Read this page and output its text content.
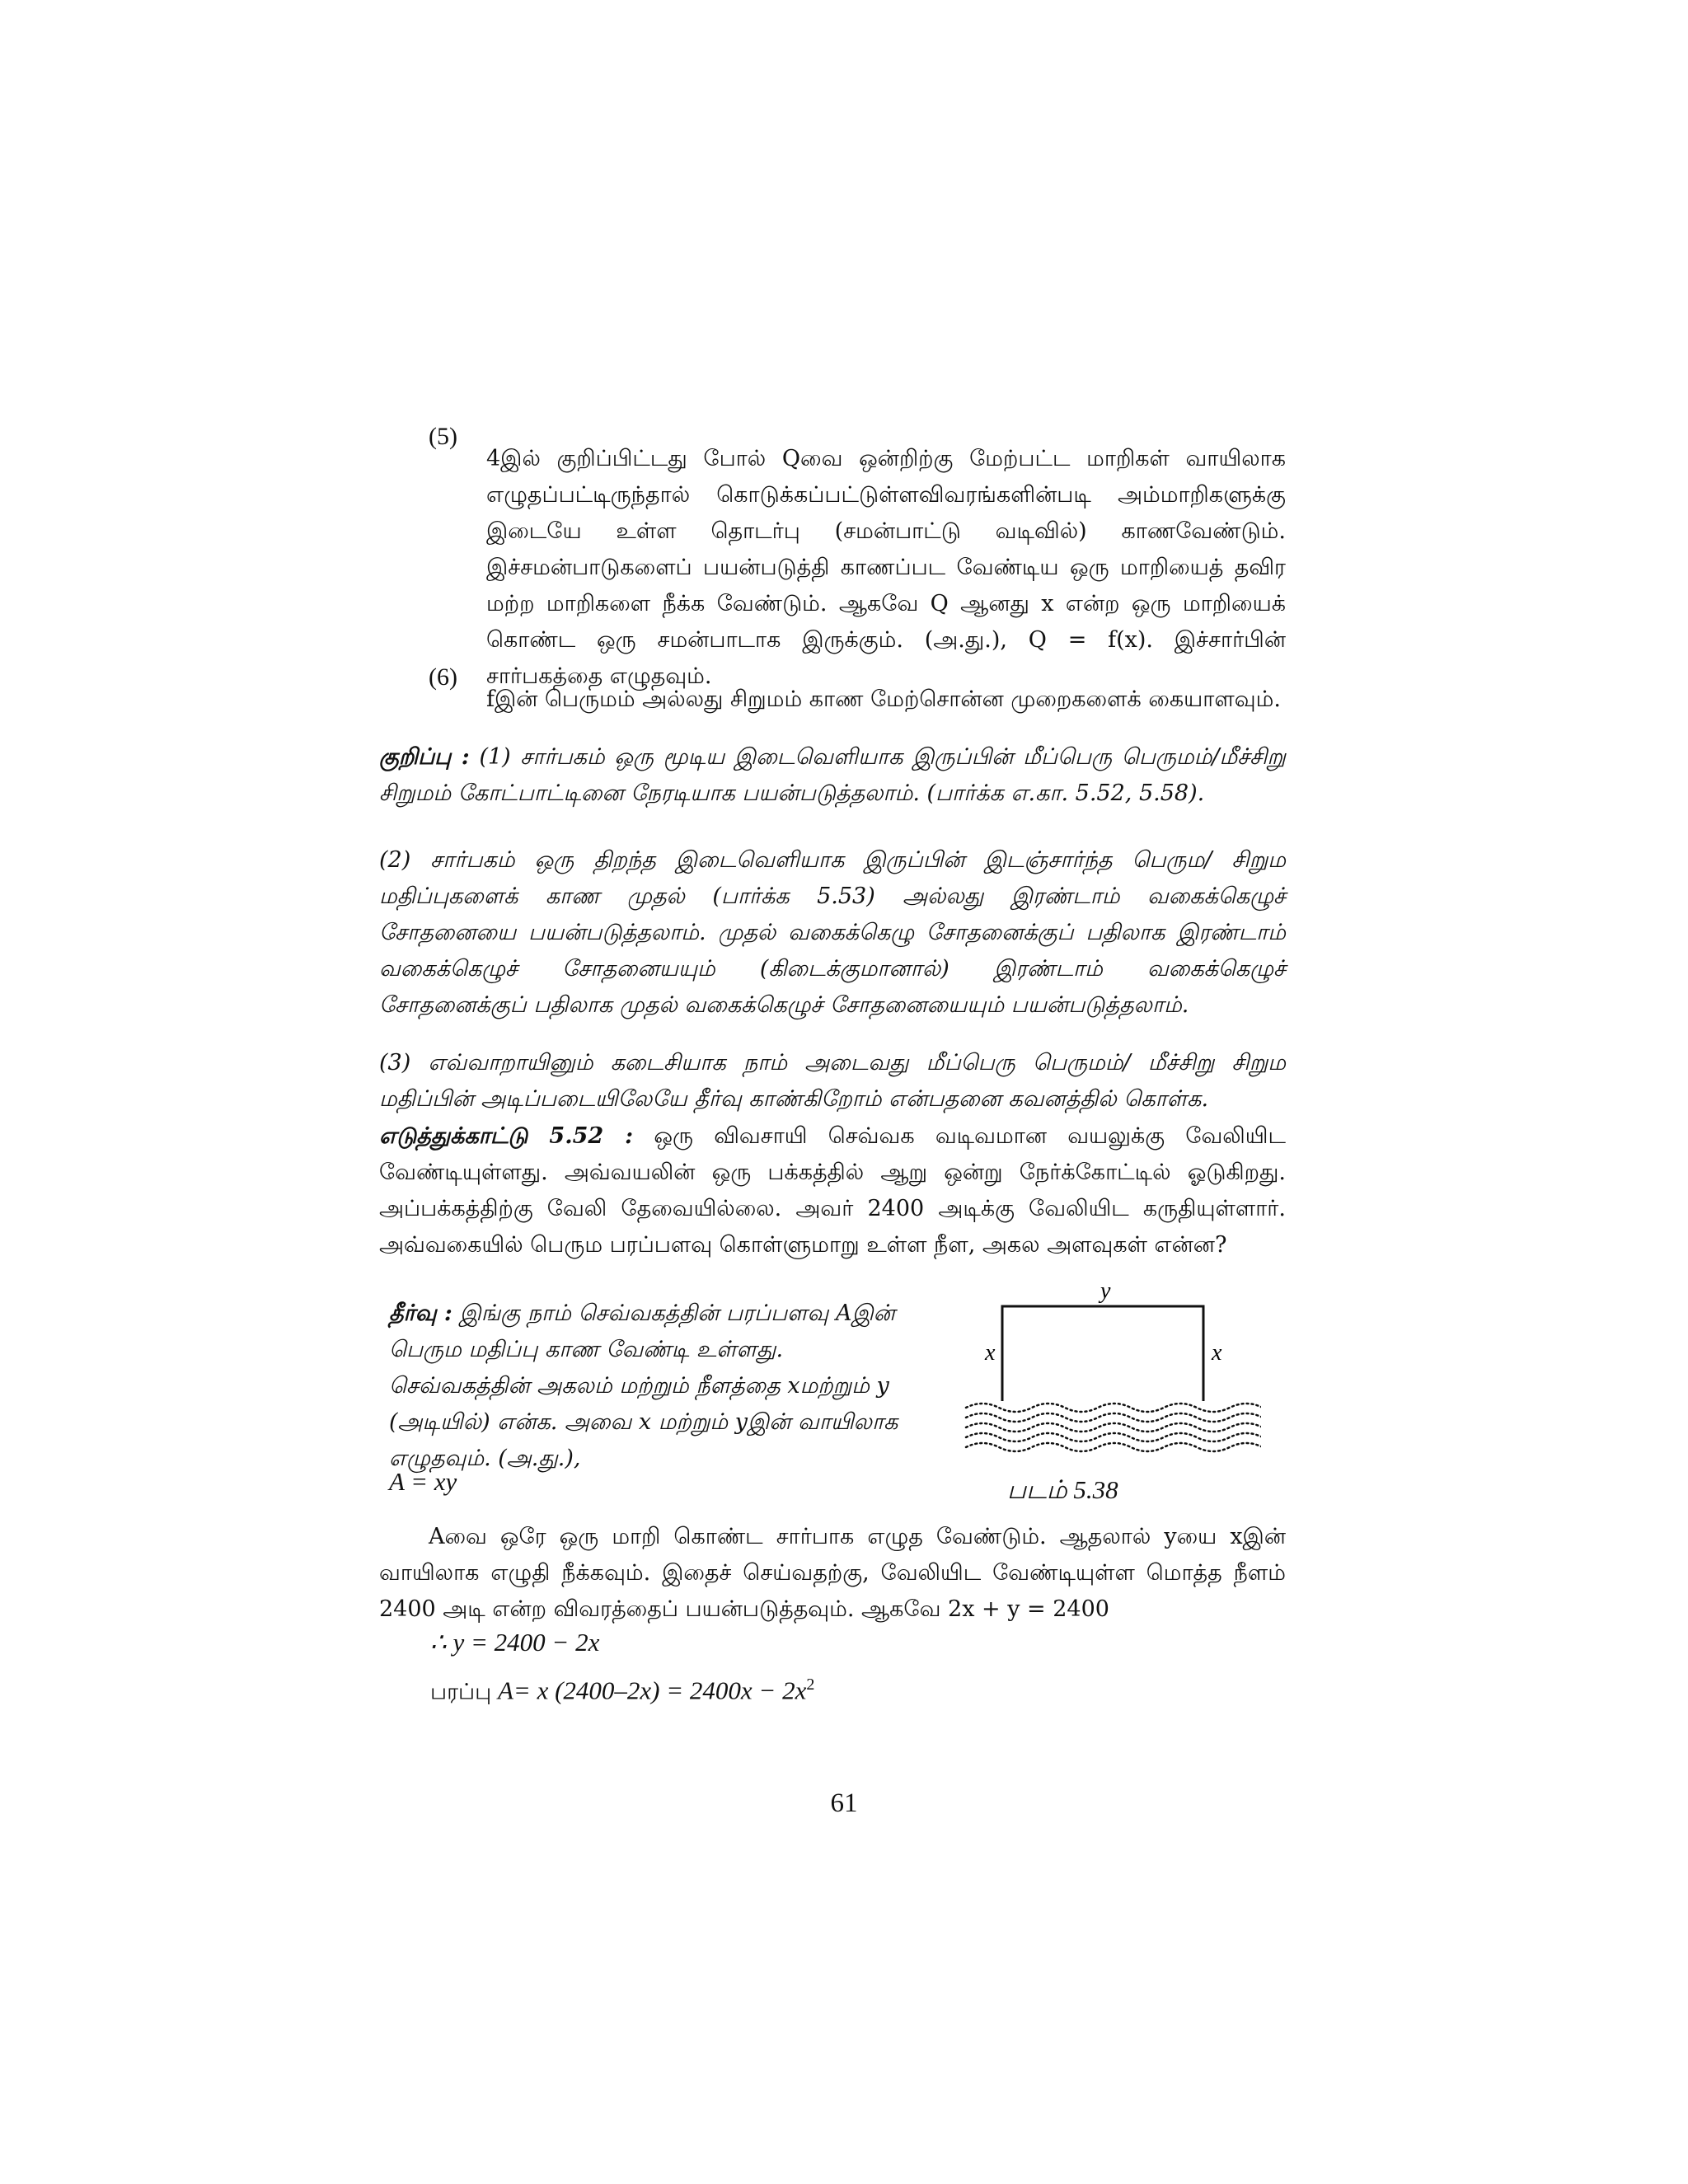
(5)

4இல் குறிப்பிட்டது போல் Qவை ஒன்றிற்கு மேற்பட்ட மாறிகள் வாயிலாக எழுதப்பட்டிருந்தால் கொடுக்கப்பட்டுள்ளவிவரங்களின்படி அம்மாறிகளுக்கு இடையே உள்ள தொடர்பு (சமன்பாட்டு வடிவில்) காணவேண்டும். இச்சமன்பாடுகளைப் பயன்படுத்தி காணப்பட வேண்டிய ஒரு மாறியைத் தவிர மற்ற மாறிகளை நீக்க வேண்டும். ஆகவே Q ஆனது x என்ற ஒரு மாறியைக் கொண்ட ஒரு சமன்பாடாக இருக்கும். (அ.து.), Q = f(x). இச்சார்பின் சார்பகத்தை எழுதவும்.

(6)

fஇன் பெருமம் அல்லது சிறுமம் காண மேற்சொன்ன முறைகளைக் கையாளவும்.

குறிப்பு : (1) சார்பகம் ஒரு மூடிய இடைவெளியாக இருப்பின் மீப்பெரு பெருமம்/மீச்சிறு சிறுமம் கோட்பாட்டினை நேரடியாக பயன்படுத்தலாம். (பார்க்க எ.கா. 5.52, 5.58).

(2) சார்பகம் ஒரு திறந்த இடைவெளியாக இருப்பின் இடஞ்சார்ந்த பெரும/ சிறும மதிப்புகளைக் காண முதல் (பார்க்க 5.53) அல்லது இரண்டாம் வகைக்கெழுச் சோதனையை பயன்படுத்தலாம். முதல் வகைக்கெழு சோதனைக்குப் பதிலாக இரண்டாம் வகைக்கெழுச் சோதனையயும் (கிடைக்குமானால்) இரண்டாம் வகைக்கெழுச் சோதனைக்குப் பதிலாக முதல் வகைக்கெழுச் சோதனையையும் பயன்படுத்தலாம்.

(3) எவ்வாறாயினும் கடைசியாக நாம் அடைவது மீப்பெரு பெருமம்/ மீச்சிறு சிறும மதிப்பின் அடிப்படையிலேயே தீர்வு காண்கிறோம் என்பதனை கவனத்தில் கொள்க.

எடுத்துக்காட்டு 5.52 : ஒரு விவசாயி செவ்வக வடிவமான வயலுக்கு வேலியிட வேண்டியுள்ளது. அவ்வயலின் ஒரு பக்கத்தில் ஆறு ஒன்று நேர்க்கோட்டில் ஓடுகிறது. அப்பக்கத்திற்கு வேலி தேவையில்லை. அவர் 2400 அடிக்கு வேலியிட கருதியுள்ளார். அவ்வகையில் பெரும பரப்பளவு கொள்ளுமாறு உள்ள நீள, அகல அளவுகள் என்ன?
தீர்வு : இங்கு நாம் செவ்வகத்தின் பரப்பளவு Aஇன் பெரும மதிப்பு காண வேண்டி உள்ளது. செவ்வகத்தின் அகலம் மற்றும் நீளத்தை xமற்றும் y (அடியில்) என்க. அவை x மற்றும் yஇன் வாயிலாக எழுதவும். (அ.து.),
A = xy
y
x	x
படம் 5.38

Aவை ஒரே ஒரு மாறி கொண்ட சார்பாக எழுத வேண்டும். ஆதலால் yயை xஇன் வாயிலாக எழுதி நீக்கவும். இதைச் செய்வதற்கு, வேலியிட வேண்டியுள்ள மொத்த நீளம் 2400 அடி என்ற விவரத்தைப் பயன்படுத்தவும். ஆகவே 2x + y = 2400

∴ y = 2400 − 2x
பரப்பு A= x $(2400-2x) = 2400x - 2x^2$
61
